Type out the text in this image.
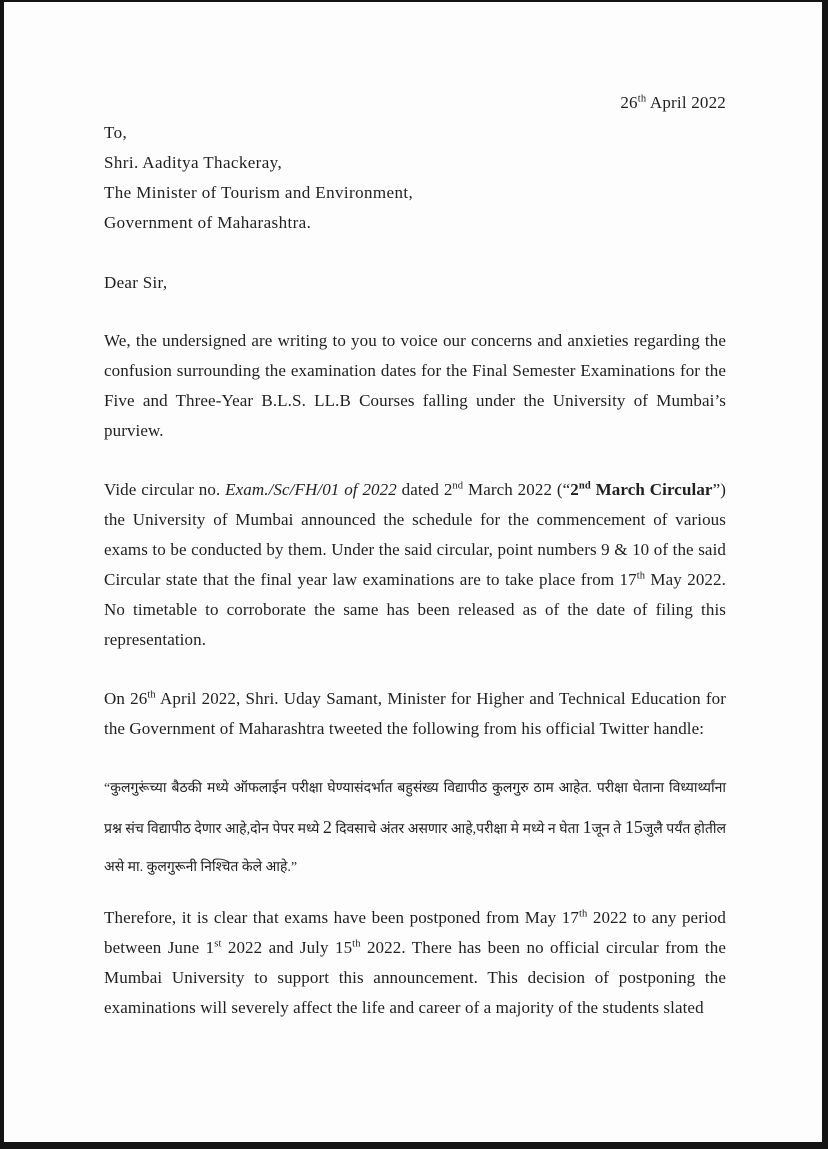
26th April 2022
To,
Shri. Aaditya Thackeray,
The Minister of Tourism and Environment,
Government of Maharashtra.
Dear Sir,

We, the undersigned are writing to you to voice our concerns and anxieties regarding the confusion surrounding the examination dates for the Final Semester Examinations for the Five and Three-Year B.L.S. LL.B Courses falling under the University of Mumbai’s purview.

Vide circular no. Exam./Sc/FH/01 of 2022 dated 2nd March 2022 (“2nd March Circular”) the University of Mumbai announced the schedule for the commencement of various exams to be conducted by them. Under the said circular, point numbers 9 & 10 of the said Circular state that the final year law examinations are to take place from 17th May 2022. No timetable to corroborate the same has been released as of the date of filing this representation.

On 26th April 2022, Shri. Uday Samant, Minister for Higher and Technical Education for the Government of Maharashtra tweeted the following from his official Twitter handle:

“कुलगुरूंच्या बैठकी मध्ये ऑफलाईन परीक्षा घेण्यासंदर्भात बहुसंख्य विद्यापीठ कुलगुरु ठाम आहेत. परीक्षा घेताना विध्यार्थ्यांना प्रश्न संच विद्यापीठ देणार आहे,दोन पेपर मध्ये 2 दिवसाचे अंतर असणार आहे,परीक्षा मे मध्ये न घेता 1जून ते 15जुलै पर्यंत होतील असे मा. कुलगुरूनी निश्चित केले आहे.”

Therefore, it is clear that exams have been postponed from May 17th 2022 to any period between June 1st 2022 and July 15th 2022. There has been no official circular from the Mumbai University to support this announcement. This decision of postponing the examinations will severely affect the life and career of a majority of the students slated
